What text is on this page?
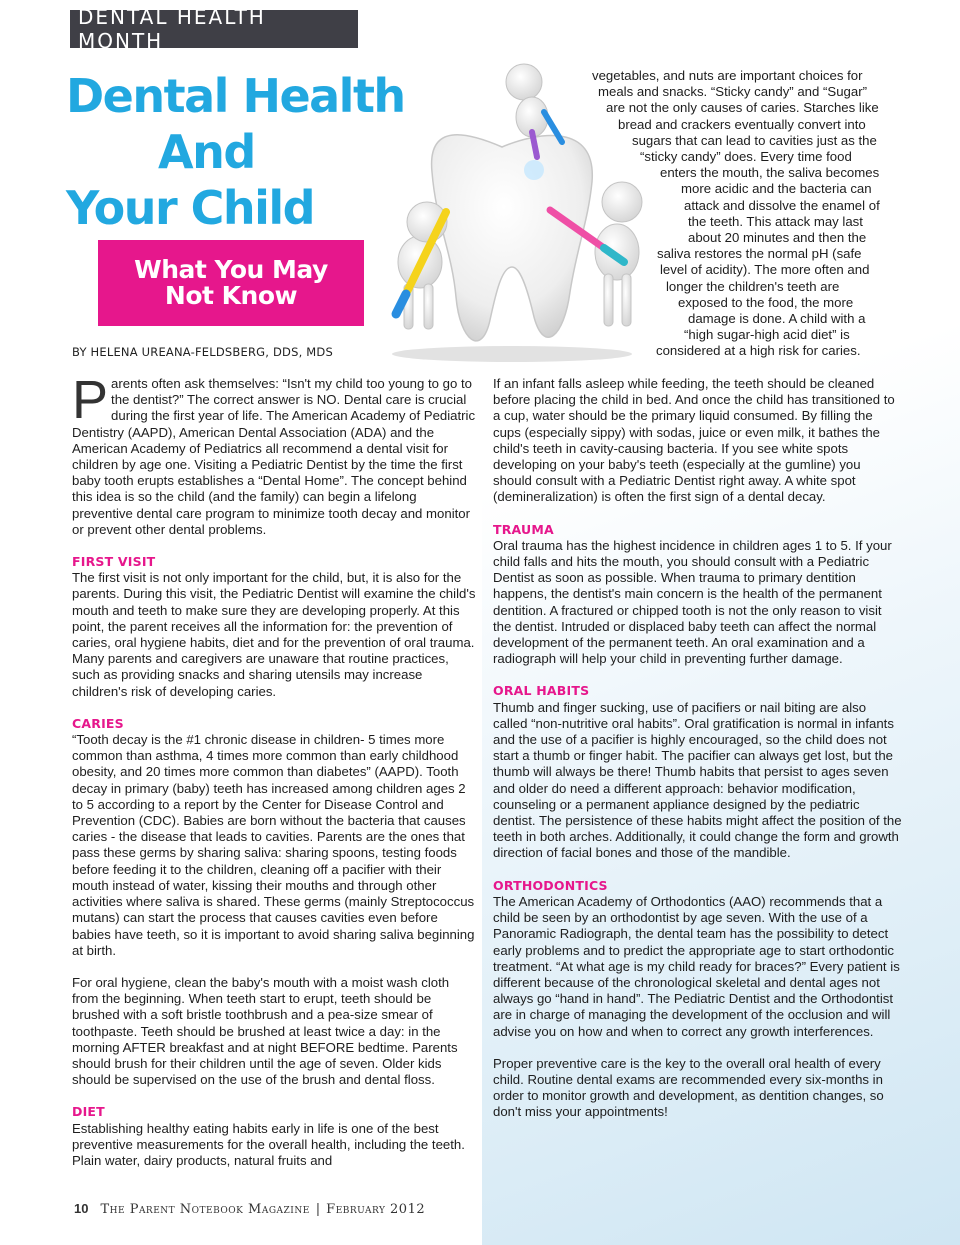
DENTAL HEALTH MONTH
Dental Health
And
Your Child
What You May
Not Know
BY HELENA UREANA-FELDSBERG, DDS, MDS
vegetables, and nuts are important choices for
meals and snacks. “Sticky candy” and “Sugar”
are not the only causes of caries. Starches like
bread and crackers eventually convert into
sugars that can lead to cavities just as the
“sticky candy” does. Every time food
enters the mouth, the saliva becomes
more acidic and the bacteria can
attack and dissolve the enamel of
the teeth. This attack may last
about 20 minutes and then the
saliva restores the normal pH (safe
level of acidity). The more often and
longer the children's teeth are
exposed to the food, the more
damage is done. A child with a
“high sugar-high acid diet” is
considered at a high risk for caries.

Parents often ask themselves: “Isn't my child too young to go to the dentist?” The correct answer is NO. Dental care is crucial during the first year of life. The American Academy of Pediatric Dentistry (AAPD), American Dental Association (ADA) and the American Academy of Pediatrics all recommend a dental visit for children by age one. Visiting a Pediatric Dentist by the time the first baby tooth erupts establishes a “Dental Home”. The concept behind this idea is so the child (and the family) can begin a lifelong preventive dental care program to minimize tooth decay and monitor or prevent other dental problems.

FIRST VISIT

The first visit is not only important for the child, but, it is also for the parents. During this visit, the Pediatric Dentist will examine the child's mouth and teeth to make sure they are developing properly. At this point, the parent receives all the information for: the prevention of caries, oral hygiene habits, diet and for the prevention of oral trauma. Many parents and caregivers are unaware that routine practices, such as providing snacks and sharing utensils may increase children's risk of developing caries.

CARIES

“Tooth decay is the #1 chronic disease in children- 5 times more common than asthma, 4 times more common than early childhood obesity, and 20 times more common than diabetes” (AAPD). Tooth decay in primary (baby) teeth has increased among children ages 2 to 5 according to a report by the Center for Disease Control and Prevention (CDC). Babies are born without the bacteria that causes caries - the disease that leads to cavities. Parents are the ones that pass these germs by sharing saliva: sharing spoons, testing foods before feeding it to the children, cleaning off a pacifier with their mouth instead of water, kissing their mouths and through other activities where saliva is shared. These germs (mainly Streptococcus mutans) can start the process that causes cavities even before babies have teeth, so it is important to avoid sharing saliva beginning at birth.

For oral hygiene, clean the baby's mouth with a moist wash cloth from the beginning. When teeth start to erupt, teeth should be brushed with a soft bristle toothbrush and a pea-size smear of toothpaste. Teeth should be brushed at least twice a day: in the morning AFTER breakfast and at night BEFORE bedtime. Parents should brush for their children until the age of seven. Older kids should be supervised on the use of the brush and dental floss.

DIET

Establishing healthy eating habits early in life is one of the best preventive measurements for the overall health, including the teeth. Plain water, dairy products, natural fruits and

If an infant falls asleep while feeding, the teeth should be cleaned before placing the child in bed. And once the child has transitioned to a cup, water should be the primary liquid consumed. By filling the cups (especially sippy) with sodas, juice or even milk, it bathes the child's teeth in cavity-causing bacteria. If you see white spots developing on your baby's teeth (especially at the gumline) you should consult with a Pediatric Dentist right away. A white spot (demineralization) is often the first sign of a dental decay.

TRAUMA

Oral trauma has the highest incidence in children ages 1 to 5. If your child falls and hits the mouth, you should consult with a Pediatric Dentist as soon as possible. When trauma to primary dentition happens, the dentist's main concern is the health of the permanent dentition. A fractured or chipped tooth is not the only reason to visit the dentist. Intruded or displaced baby teeth can affect the normal development of the permanent teeth. An oral examination and a radiograph will help your child in preventing further damage.

ORAL HABITS

Thumb and finger sucking, use of pacifiers or nail biting are also called “non-nutritive oral habits”. Oral gratification is normal in infants and the use of a pacifier is highly encouraged, so the child does not start a thumb or finger habit. The pacifier can always get lost, but the thumb will always be there! Thumb habits that persist to ages seven and older do need a different approach: behavior modification, counseling or a permanent appliance designed by the pediatric dentist. The persistence of these habits might affect the position of the teeth in both arches. Additionally, it could change the form and growth direction of facial bones and those of the mandible.

ORTHODONTICS

The American Academy of Orthodontics (AAO) recommends that a child be seen by an orthodontist by age seven. With the use of a Panoramic Radiograph, the dental team has the possibility to detect early problems and to predict the appropriate age to start orthodontic treatment. “At what age is my child ready for braces?” Every patient is different because of the chronological skeletal and dental ages not always go “hand in hand”. The Pediatric Dentist and the Orthodontist are in charge of managing the development of the occlusion and will advise you on how and when to correct any growth interferences.

Proper preventive care is the key to the overall oral health of every child. Routine dental exams are recommended every six-months in order to monitor growth and development, as dentition changes, so don't miss your appointments!

10 The Parent Notebook Magazine | February 2012
